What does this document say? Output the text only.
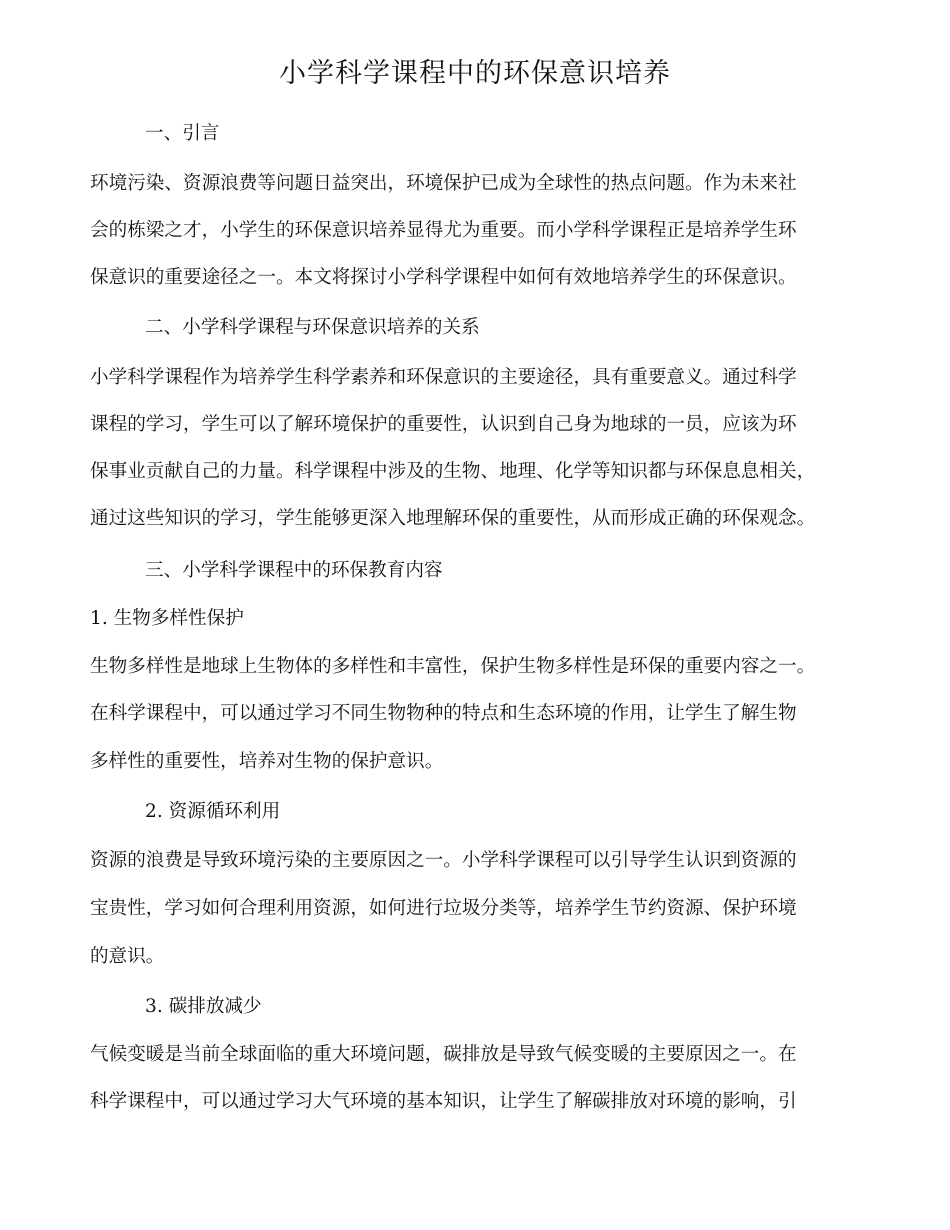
小学科学课程中的环保意识培养
一、引言
环境污染、资源浪费等问题日益突出，环境保护已成为全球性的热点问题。作为未来社
会的栋梁之才，小学生的环保意识培养显得尤为重要。而小学科学课程正是培养学生环
保意识的重要途径之一。本文将探讨小学科学课程中如何有效地培养学生的环保意识。
二、小学科学课程与环保意识培养的关系
小学科学课程作为培养学生科学素养和环保意识的主要途径，具有重要意义。通过科学
课程的学习，学生可以了解环境保护的重要性，认识到自己身为地球的一员，应该为环
保事业贡献自己的力量。科学课程中涉及的生物、地理、化学等知识都与环保息息相关，
通过这些知识的学习，学生能够更深入地理解环保的重要性，从而形成正确的环保观念。
三、小学科学课程中的环保教育内容
1. 生物多样性保护
生物多样性是地球上生物体的多样性和丰富性，保护生物多样性是环保的重要内容之一。
在科学课程中，可以通过学习不同生物物种的特点和生态环境的作用，让学生了解生物
多样性的重要性，培养对生物的保护意识。
2. 资源循环利用
资源的浪费是导致环境污染的主要原因之一。小学科学课程可以引导学生认识到资源的
宝贵性，学习如何合理利用资源，如何进行垃圾分类等，培养学生节约资源、保护环境
的意识。
3. 碳排放减少
气候变暖是当前全球面临的重大环境问题，碳排放是导致气候变暖的主要原因之一。在
科学课程中，可以通过学习大气环境的基本知识，让学生了解碳排放对环境的影响，引
